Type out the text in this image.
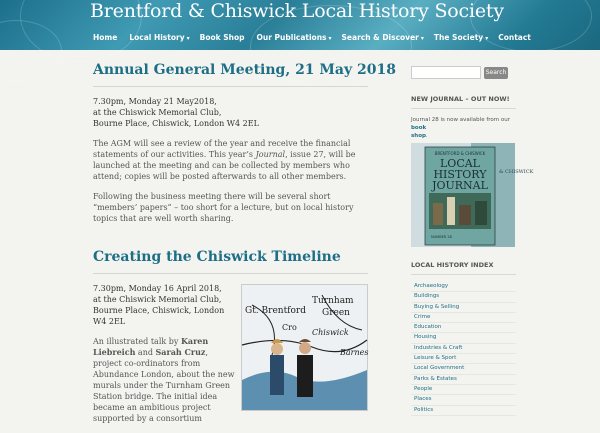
Brentford & Chiswick Local History Society
Home	Local History ▾	Book Shop	Our Publications ▾	Search & Discover ▾	The Society ▾	Contact
Annual General Meeting, 21 May 2018
7.30pm, Monday 21 May2018,
at the Chiswick Memorial Club,
Bourne Place, Chiswick, London W4 2EL

The AGM will see a review of the year and receive the financial statements of our activities. This year’s Journal, issue 27, will be launched at the meeting and can be collected by members who attend; copies will be posted afterwards to all other members.

Following the business meeting there will be several short “members’ papers” – too short for a lecture, but on local history topics that are well worth sharing.

Creating the Chiswick Timeline
7.30pm, Monday 16 April 2018,
at the Chiswick Memorial Club,
Bourne Place, Chiswick, London
W4 2EL

An illustrated talk by Karen Liebreich and Sarah Cruz, project co-ordinators from Abundance London, about the new murals under the Turnham Green Station bridge. The initial idea became an ambitious project supported by a consortium

Gt. Brentford
Turnham
Green
Chiswick
Cro
Barnes
Search
NEW JOURNAL – OUT NOW!
Journal 28 is now available from our book
shop.
BRENTFORD & CHISWICK
LOCAL
HISTORY
JOURNAL
NUMBER 28
& CHISWICK
LOCAL HISTORY INDEX
Archaeology
Buildings
Buying & Selling
Crime
Education
Housing
Industries & Craft
Leisure & Sport
Local Government
Parks & Estates
People
Places
Politics
